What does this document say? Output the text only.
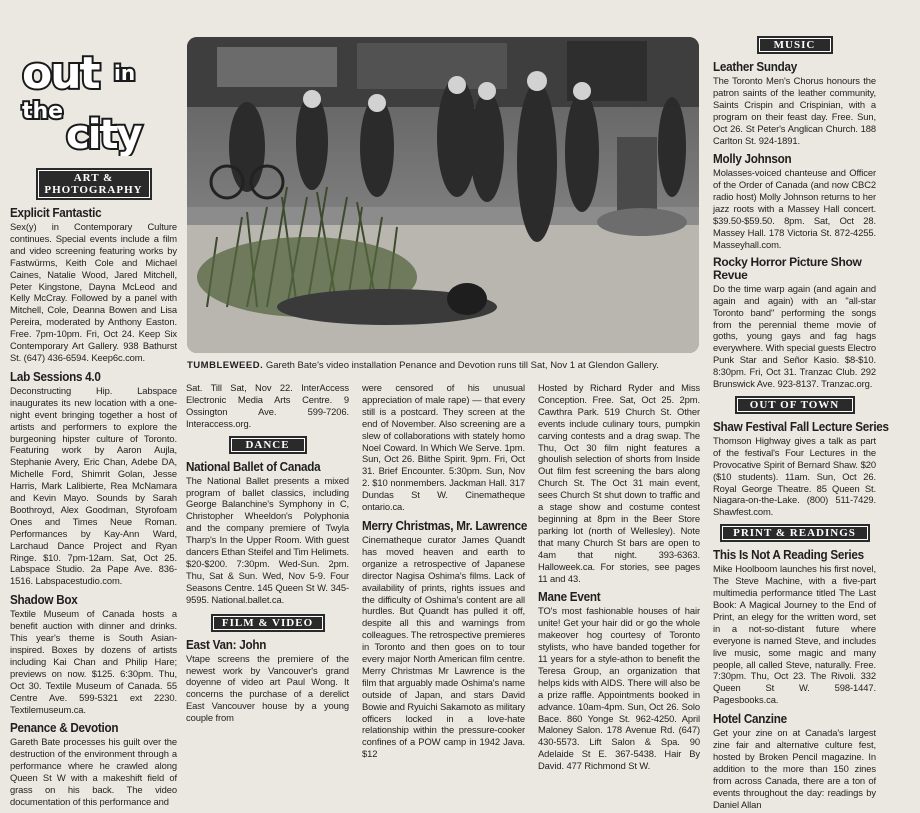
out in
the
city
ART & PHOTOGRAPHY
Explicit Fantastic

Sex(y) in Contemporary Culture continues. Special events include a film and video screening featuring works by Fastwürms, Keith Cole and Michael Caines, Natalie Wood, Jared Mitchell, Peter Kingstone, Dayna McLeod and Kelly McCray. Followed by a panel with Mitchell, Cole, Deanna Bowen and Lisa Pereira, moderated by Anthony Easton. Free. 7pm-10pm. Fri, Oct 24. Keep Six Contemporary Art Gallery. 938 Bathurst St. (647) 436-6594. Keep6c.com.

Lab Sessions 4.0

Deconstructing Hip. Labspace inaugurates its new location with a one-night event bringing together a host of artists and performers to explore the burgeoning hipster culture of Toronto. Featuring work by Aaron Aujla, Stephanie Avery, Eric Chan, Adebe DA, Michelle Ford, Shimrit Golan, Jesse Harris, Mark Lalibierte, Rea McNamara and Kevin Mayo. Sounds by Sarah Boothroyd, Alex Goodman, Styrofoam Ones and Times Neue Roman. Performances by Kay-Ann Ward, Larchaud Dance Project and Ryan Ringe. $10. 7pm-12am. Sat, Oct 25. Labspace Studio. 2a Pape Ave. 836-1516. Labspacestudio.com.

Shadow Box

Textile Museum of Canada hosts a benefit auction with dinner and drinks. This year's theme is South Asian-inspired. Boxes by dozens of artists including Kai Chan and Philip Hare; previews on now. $125. 6:30pm. Thu, Oct 30. Textile Museum of Canada. 55 Centre Ave. 599-5321 ext 2230. Textilemuseum.ca.

Penance & Devotion

Gareth Bate processes his guilt over the destruction of the environment through a performance where he crawled along Queen St W with a makeshift field of grass on his back. The video documentation of this performance and

TUMBLEWEED. Gareth Bate's video installation Penance and Devotion runs till Sat, Nov 1 at Glendon Gallery.

Sat. Till Sat, Nov 22. InterAccess Electronic Media Arts Centre. 9 Ossington Ave. 599-7206. Interaccess.org.

DANCE
National Ballet of Canada

The National Ballet presents a mixed program of ballet classics, including George Balanchine's Symphony in C, Christopher Wheeldon's Polyphonia and the company premiere of Twyla Tharp's In the Upper Room. With guest dancers Ethan Steifel and Tim Helimets. $20-$200. 7:30pm. Wed-Sun. 2pm. Thu, Sat & Sun. Wed, Nov 5-9. Four Seasons Centre. 145 Queen St W. 345-9595. National.ballet.ca.

FILM & VIDEO
East Van: John

Vtape screens the premiere of the newest work by Vancouver's grand doyenne of video art Paul Wong. It concerns the purchase of a derelict East Vancouver house by a young couple from

were censored of his unusual appreciation of male rape) — that every still is a postcard. They screen at the end of November. Also screening are a slew of collaborations with stately homo Noel Coward. In Which We Serve. 1pm. Sun, Oct 26. Blithe Spirit. 9pm. Fri, Oct 31. Brief Encounter. 5:30pm. Sun, Nov 2. $10 nonmembers. Jackman Hall. 317 Dundas St W. Cinematheque ontario.ca.

Merry Christmas, Mr. Lawrence

Cinematheque curator James Quandt has moved heaven and earth to organize a retrospective of Japanese director Nagisa Oshima's films. Lack of availability of prints, rights issues and the difficulty of Oshima's content are all hurdles. But Quandt has pulled it off, despite all this and warnings from colleagues. The retrospective premieres in Toronto and then goes on to tour every major North American film centre. Merry Christmas Mr Lawrence is the film that arguably made Oshima's name outside of Japan, and stars David Bowie and Ryuichi Sakamoto as military officers locked in a love-hate relationship within the pressure-cooker confines of a POW camp in 1942 Java. $12

Hosted by Richard Ryder and Miss Conception. Free. Sat, Oct 25. 2pm. Cawthra Park. 519 Church St. Other events include culinary tours, pumpkin carving contests and a drag swap. The Thu, Oct 30 film night features a ghoulish selection of shorts from Inside Out film fest screening the bars along Church St. The Oct 31 main event, sees Church St shut down to traffic and a stage show and costume contest beginning at 8pm in the Beer Store parking lot (north of Wellesley). Note that many Church St bars are open to 4am that night. 393-6363. Halloweek.ca. For stories, see pages 11 and 43.

Mane Event

TO's most fashionable houses of hair unite! Get your hair did or go the whole makeover hog courtesy of Toronto stylists, who have banded together for 11 years for a style-athon to benefit the Teresa Group, an organization that helps kids with AIDS. There will also be a prize raffle. Appointments booked in advance. 10am-4pm. Sun, Oct 26. Solo Bace. 860 Yonge St. 962-4250. April Maloney Salon. 178 Avenue Rd. (647) 430-5573. Lift Salon & Spa. 90 Adelaide St E. 367-5438. Hair By David. 477 Richmond St W.

MUSIC
Leather Sunday

The Toronto Men's Chorus honours the patron saints of the leather community, Saints Crispin and Crispinian, with a program on their feast day. Free. Sun, Oct 26. St Peter's Anglican Church. 188 Carlton St. 924-1891.

Molly Johnson

Molasses-voiced chanteuse and Officer of the Order of Canada (and now CBC2 radio host) Molly Johnson returns to her jazz roots with a Massey Hall concert. $39.50-$59.50. 8pm. Sat, Oct 28. Massey Hall. 178 Victoria St. 872-4255. Masseyhall.com.

Rocky Horror Picture Show Revue

Do the time warp again (and again and again and again) with an "all-star Toronto band" performing the songs from the perennial theme movie of goths, young gays and fag hags everywhere. With special guests Electro Punk Star and Señor Kasio. $8-$10. 8:30pm. Fri, Oct 31. Tranzac Club. 292 Brunswick Ave. 923-8137. Tranzac.org.

OUT OF TOWN
Shaw Festival Fall Lecture Series

Thomson Highway gives a talk as part of the festival's Four Lectures in the Provocative Spirit of Bernard Shaw. $20 ($10 students). 11am. Sun, Oct 26. Royal George Theatre. 85 Queen St. Niagara-on-the-Lake. (800) 511-7429. Shawfest.com.

PRINT & READINGS
This Is Not A Reading Series

Mike Hoolboom launches his first novel, The Steve Machine, with a five-part multimedia performance titled The Last Book: A Magical Journey to the End of Print, an elegy for the written word, set in a not-so-distant future where everyone is named Steve, and includes live music, some magic and many people, all called Steve, naturally. Free. 7:30pm. Thu, Oct 23. The Rivoli. 332 Queen St W. 598-1447. Pagesbooks.ca.

Hotel Canzine

Get your zine on at Canada's largest zine fair and alternative culture fest, hosted by Broken Pencil magazine. In addition to the more than 150 zines from across Canada, there are a ton of events throughout the day: readings by Daniel Allan
